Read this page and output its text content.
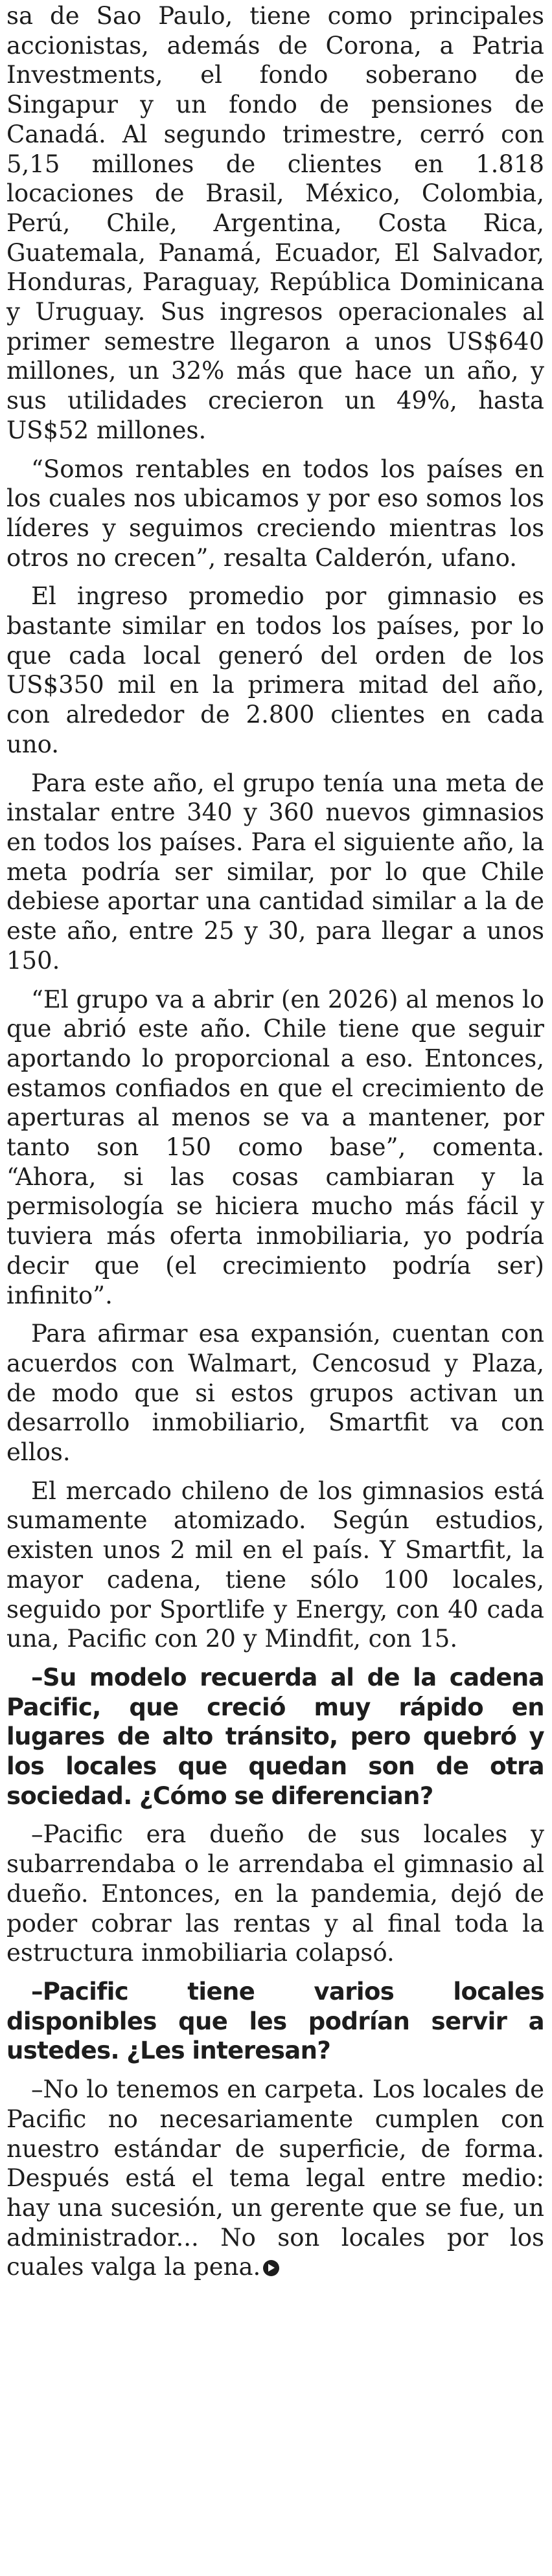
sa de Sao Paulo, tiene como principales accionistas, además de Corona, a Patria Investments, el fondo soberano de Singapur y un fondo de pensiones de Canadá. Al segundo trimestre, cerró con 5,15 millones de clientes en 1.818 locaciones de Brasil, México, Colombia, Perú, Chile, Argentina, Costa Rica, Guatemala, Panamá, Ecuador, El Salvador, Honduras, Paraguay, República Dominicana y Uruguay. Sus ingresos operacionales al primer semestre llegaron a unos US$640 millones, un 32% más que hace un año, y sus utilidades crecieron un 49%, hasta US$52 millones.

“Somos rentables en todos los países en los cuales nos ubicamos y por eso somos los líderes y seguimos creciendo mientras los otros no crecen”, resalta Calderón, ufano.

El ingreso promedio por gimnasio es bastante similar en todos los países, por lo que cada local generó del orden de los US$350 mil en la primera mitad del año, con alrededor de 2.800 clientes en cada uno.

Para este año, el grupo tenía una meta de instalar entre 340 y 360 nuevos gimnasios en todos los países. Para el siguiente año, la meta podría ser similar, por lo que Chile debiese aportar una cantidad similar a la de este año, entre 25 y 30, para llegar a unos 150.

“El grupo va a abrir (en 2026) al menos lo que abrió este año. Chile tiene que seguir aportando lo proporcional a eso. Entonces, estamos confiados en que el crecimiento de aperturas al menos se va a mantener, por tanto son 150 como base”, comenta. “Ahora, si las cosas cambiaran y la permisología se hiciera mucho más fácil y tuviera más oferta inmobiliaria, yo podría decir que (el crecimiento podría ser) infinito”.

Para afirmar esa expansión, cuentan con acuerdos con Walmart, Cencosud y Plaza, de modo que si estos grupos activan un desarrollo inmobiliario, Smartfit va con ellos.

El mercado chileno de los gimnasios está sumamente atomizado. Según estudios, existen unos 2 mil en el país. Y Smartfit, la mayor cadena, tiene sólo 100 locales, seguido por Sportlife y Energy, con 40 cada una, Pacific con 20 y Mindfit, con 15.

–Su modelo recuerda al de la cadena Pacific, que creció muy rápido en lugares de alto tránsito, pero quebró y los locales que quedan son de otra sociedad. ¿Cómo se diferencian?

–Pacific era dueño de sus locales y subarrendaba o le arrendaba el gimnasio al dueño. Entonces, en la pandemia, dejó de poder cobrar las rentas y al final toda la estructura inmobiliaria colapsó.

–Pacific tiene varios locales disponibles que les podrían servir a ustedes. ¿Les interesan?

–No lo tenemos en carpeta. Los locales de Pacific no necesariamente cumplen con nuestro estándar de superficie, de forma. Después está el tema legal entre medio: hay una sucesión, un gerente que se fue, un administrador... No son locales por los cuales valga la pena.
